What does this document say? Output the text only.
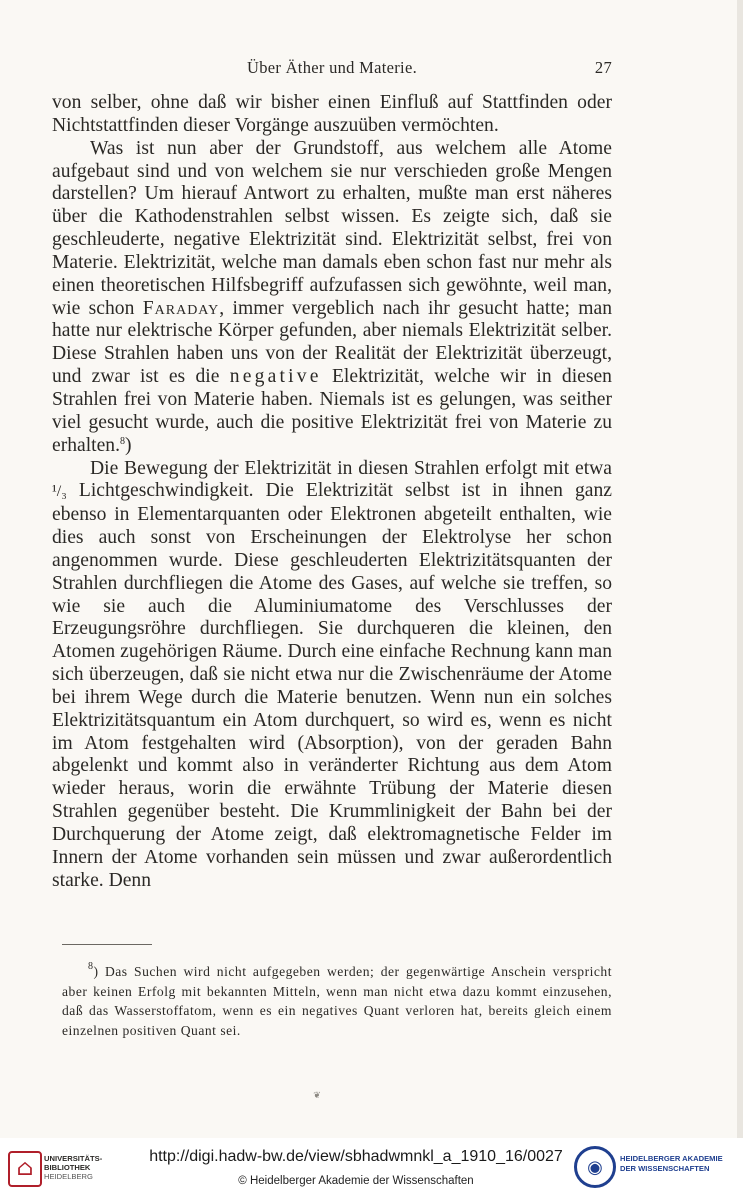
Über Äther und Materie.	27

von selber, ohne daß wir bisher einen Einfluß auf Stattfinden oder Nichtstattfinden dieser Vorgänge auszuüben vermöchten.

Was ist nun aber der Grundstoff, aus welchem alle Atome aufgebaut sind und von welchem sie nur verschieden große Mengen darstellen? Um hierauf Antwort zu erhalten, mußte man erst näheres über die Kathodenstrahlen selbst wissen. Es zeigte sich, daß sie geschleuderte, negative Elektrizität sind. Elektrizität selbst, frei von Materie. Elektrizität, welche man damals eben schon fast nur mehr als einen theoretischen Hilfsbegriff aufzufassen sich gewöhnte, weil man, wie schon Faraday, immer vergeblich nach ihr gesucht hatte; man hatte nur elektrische Körper gefunden, aber niemals Elektrizität selber. Diese Strahlen haben uns von der Realität der Elektrizität überzeugt, und zwar ist es die negative Elektrizität, welche wir in diesen Strahlen frei von Materie haben. Niemals ist es gelungen, was seither viel gesucht wurde, auch die positive Elektrizität frei von Materie zu erhalten.$^8$)

Die Bewegung der Elektrizität in diesen Strahlen erfolgt mit etwa ¹/₃ Lichtgeschwindigkeit. Die Elektrizität selbst ist in ihnen ganz ebenso in Elementarquanten oder Elektronen abgeteilt enthalten, wie dies auch sonst von Erscheinungen der Elektrolyse her schon angenommen wurde. Diese geschleuderten Elektrizitätsquanten der Strahlen durchfliegen die Atome des Gases, auf welche sie treffen, so wie sie auch die Aluminiumatome des Verschlusses der Erzeugungsröhre durchfliegen. Sie durchqueren die kleinen, den Atomen zugehörigen Räume. Durch eine einfache Rechnung kann man sich überzeugen, daß sie nicht etwa nur die Zwischenräume der Atome bei ihrem Wege durch die Materie benutzen. Wenn nun ein solches Elektrizitätsquantum ein Atom durchquert, so wird es, wenn es nicht im Atom festgehalten wird (Absorption), von der geraden Bahn abgelenkt und kommt also in veränderter Richtung aus dem Atom wieder heraus, worin die erwähnte Trübung der Materie diesen Strahlen gegenüber besteht. Die Krummlinigkeit der Bahn bei der Durchquerung der Atome zeigt, daß elektromagnetische Felder im Innern der Atome vorhanden sein müssen und zwar außerordentlich starke. Denn

$^8$) Das Suchen wird nicht aufgegeben werden; der gegenwärtige Anschein verspricht aber keinen Erfolg mit bekannten Mitteln, wenn man nicht etwa dazu kommt einzusehen, daß das Wasserstoffatom, wenn es ein negatives Quant verloren hat, bereits gleich einem einzelnen positiven Quant sei.

❦
⌂	UNIVERSITÄTS-
BIBLIOTHEK
HEIDELBERG
http://digi.hadw-bw.de/view/sbhadwmnkl_a_1910_16/0027
© Heidelberger Akademie der Wissenschaften
◉	HEIDELBERGER AKADEMIE
DER WISSENSCHAFTEN
